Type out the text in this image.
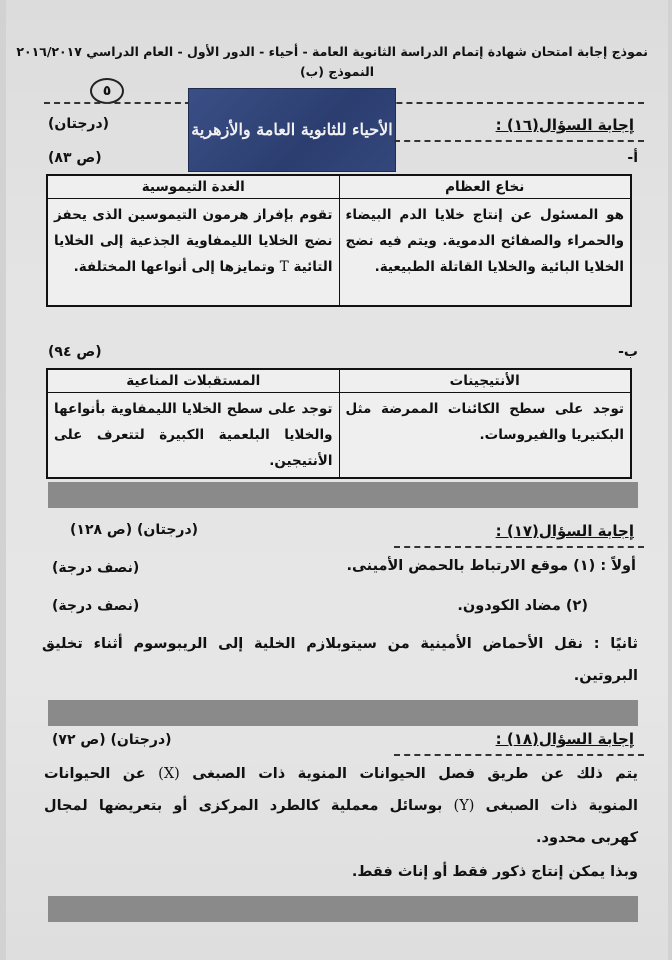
نموذج إجابة امتحان شهادة إتمام الدراسة الثانوية العامة - أحياء - الدور الأول - العام الدراسي ٢٠١٦/٢٠١٧
النموذج (ب)
٥
الأحياء للثانوية العامة والأزهرية	إجابة السؤال(١٦) :
(درجتان)
أ-
(ص ٨٣)
نخاع العظام	الغدة التيموسية
هو المسئول عن إنتاج خلايا الدم البيضاء والحمراء والصفائح الدموية. ويتم فيه نضج الخلايا البائية والخلايا القاتلة الطبيعية.	تقوم بإفراز هرمون التيموسين الذى يحفز نضج الخلايا الليمفاوية الجذعية إلى الخلايا التائية T وتمايزها إلى أنواعها المختلفة.
ب-
(ص ٩٤)
الأنتيجينات	المستقبلات المناعية
توجد على سطح الكائنات الممرضة مثل البكتيريا والفيروسات.	توجد على سطح الخلايا الليمفاوية بأنواعها والخلايا البلعمية الكبيرة لتتعرف على الأنتيجين.
إجابة السؤال(١٧) :
(درجتان) (ص ١٢٨)
أولاً : (١) موقع الارتباط بالحمض الأمينى.
(نصف درجة)
(٢) مضاد الكودون.
(نصف درجة)
ثانيًا : نقل الأحماض الأمينية من سيتوبلازم الخلية إلى الريبوسوم أثناء تخليق
البروتين.
إجابة السؤال(١٨) :
(درجتان) (ص ٧٢)
يتم ذلك عن طريق فصل الحيوانات المنوية ذات الصبغى (X) عن الحيوانات
المنوية ذات الصبغى (Y) بوسائل معملية كالطرد المركزى أو بتعريضها لمجال
كهربى محدود.
وبذا يمكن إنتاج ذكور فقط أو إناث فقط.
